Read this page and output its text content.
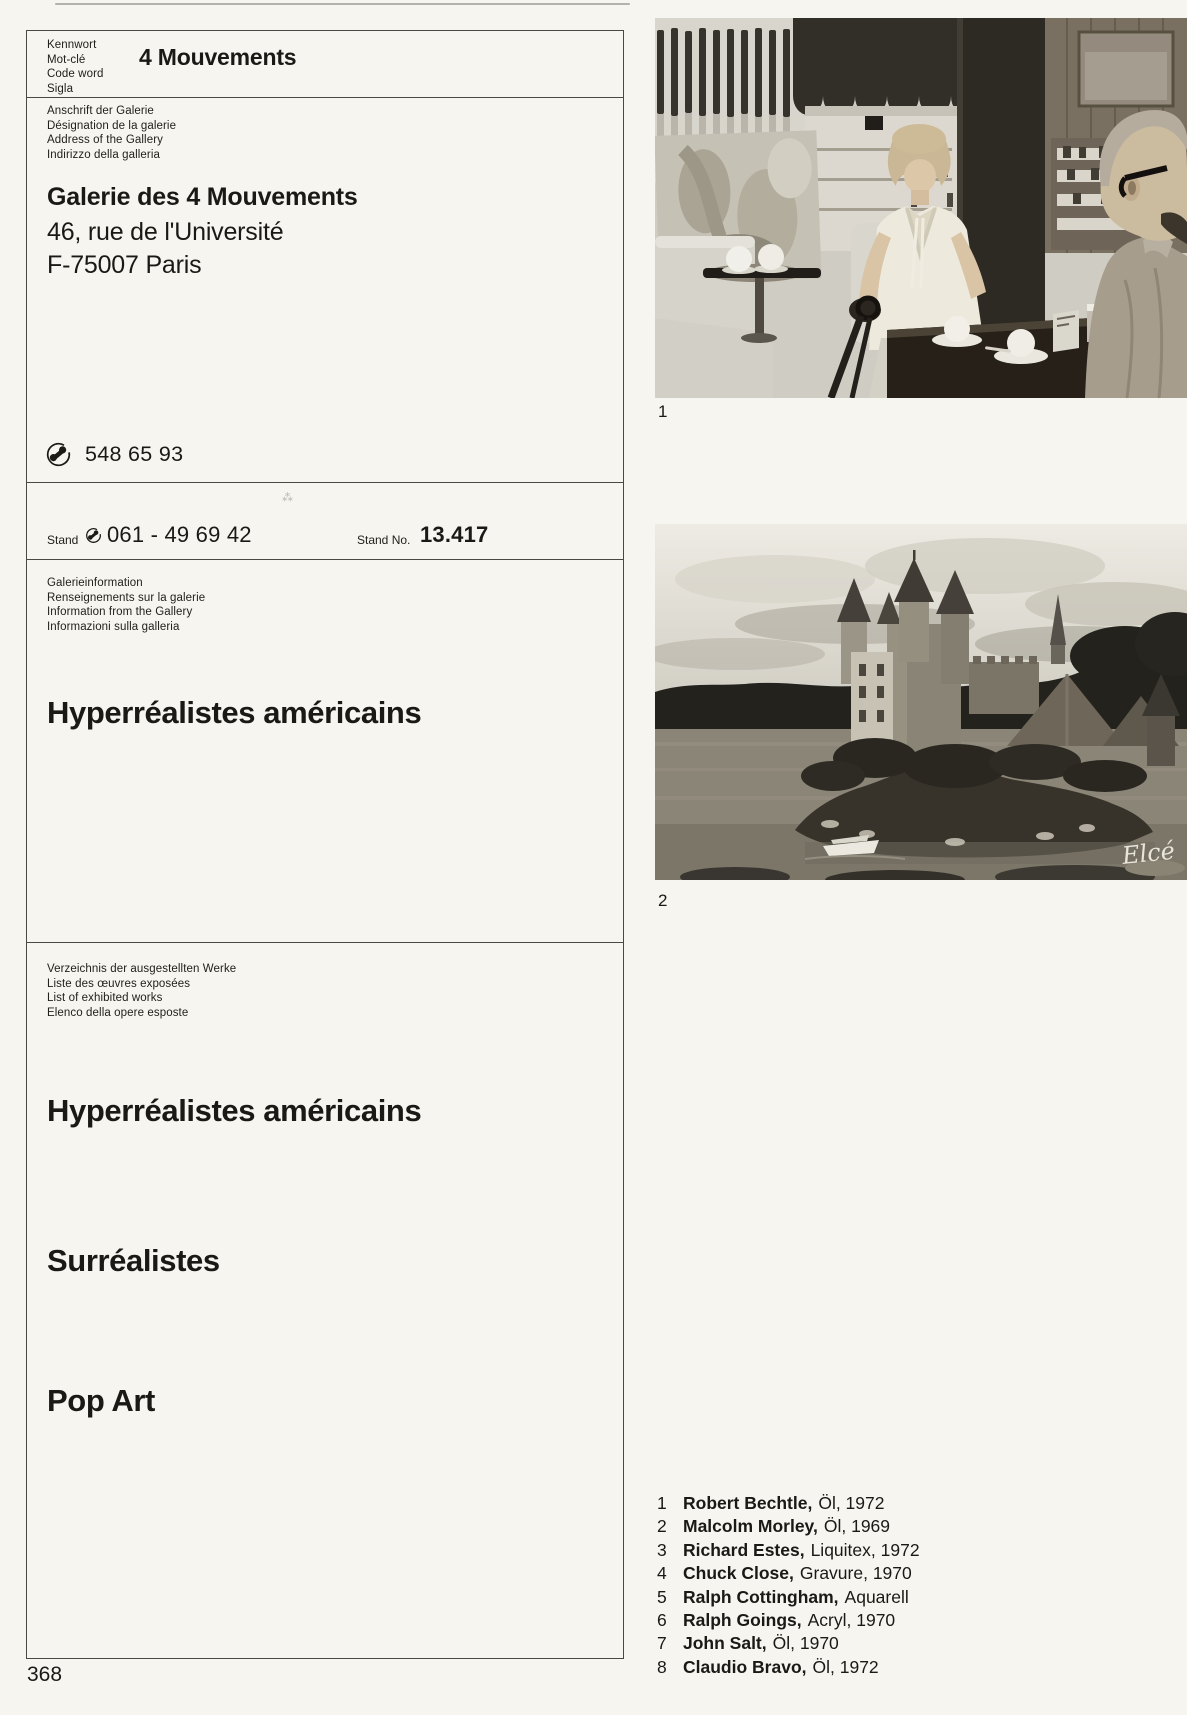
Kennwort
Mot-clé
Code word
Sigla
4 Mouvements
Anschrift der Galerie
Désignation de la galerie
Address of the Gallery
Indirizzo della galleria
Galerie des 4 Mouvements
46, rue de l'Université
F-75007 Paris
548 65 93
Stand 061 - 49 69 42	Stand No. 13.417
Galerieinformation
Renseignements sur la galerie
Information from the Gallery
Informazioni sulla galleria
Hyperréalistes américains
Verzeichnis der ausgestellten Werke
Liste des œuvres exposées
List of exhibited works
Elenco della opere esposte
Hyperréalistes américains
Surréalistes
Pop Art
⁂
368
1
Elcé
2
1 Robert Bechtle, Öl, 1972
2 Malcolm Morley, Öl, 1969
3 Richard Estes, Liquitex, 1972
4 Chuck Close, Gravure, 1970
5 Ralph Cottingham, Aquarell
6 Ralph Goings, Acryl, 1970
7 John Salt, Öl, 1970
8 Claudio Bravo, Öl, 1972
